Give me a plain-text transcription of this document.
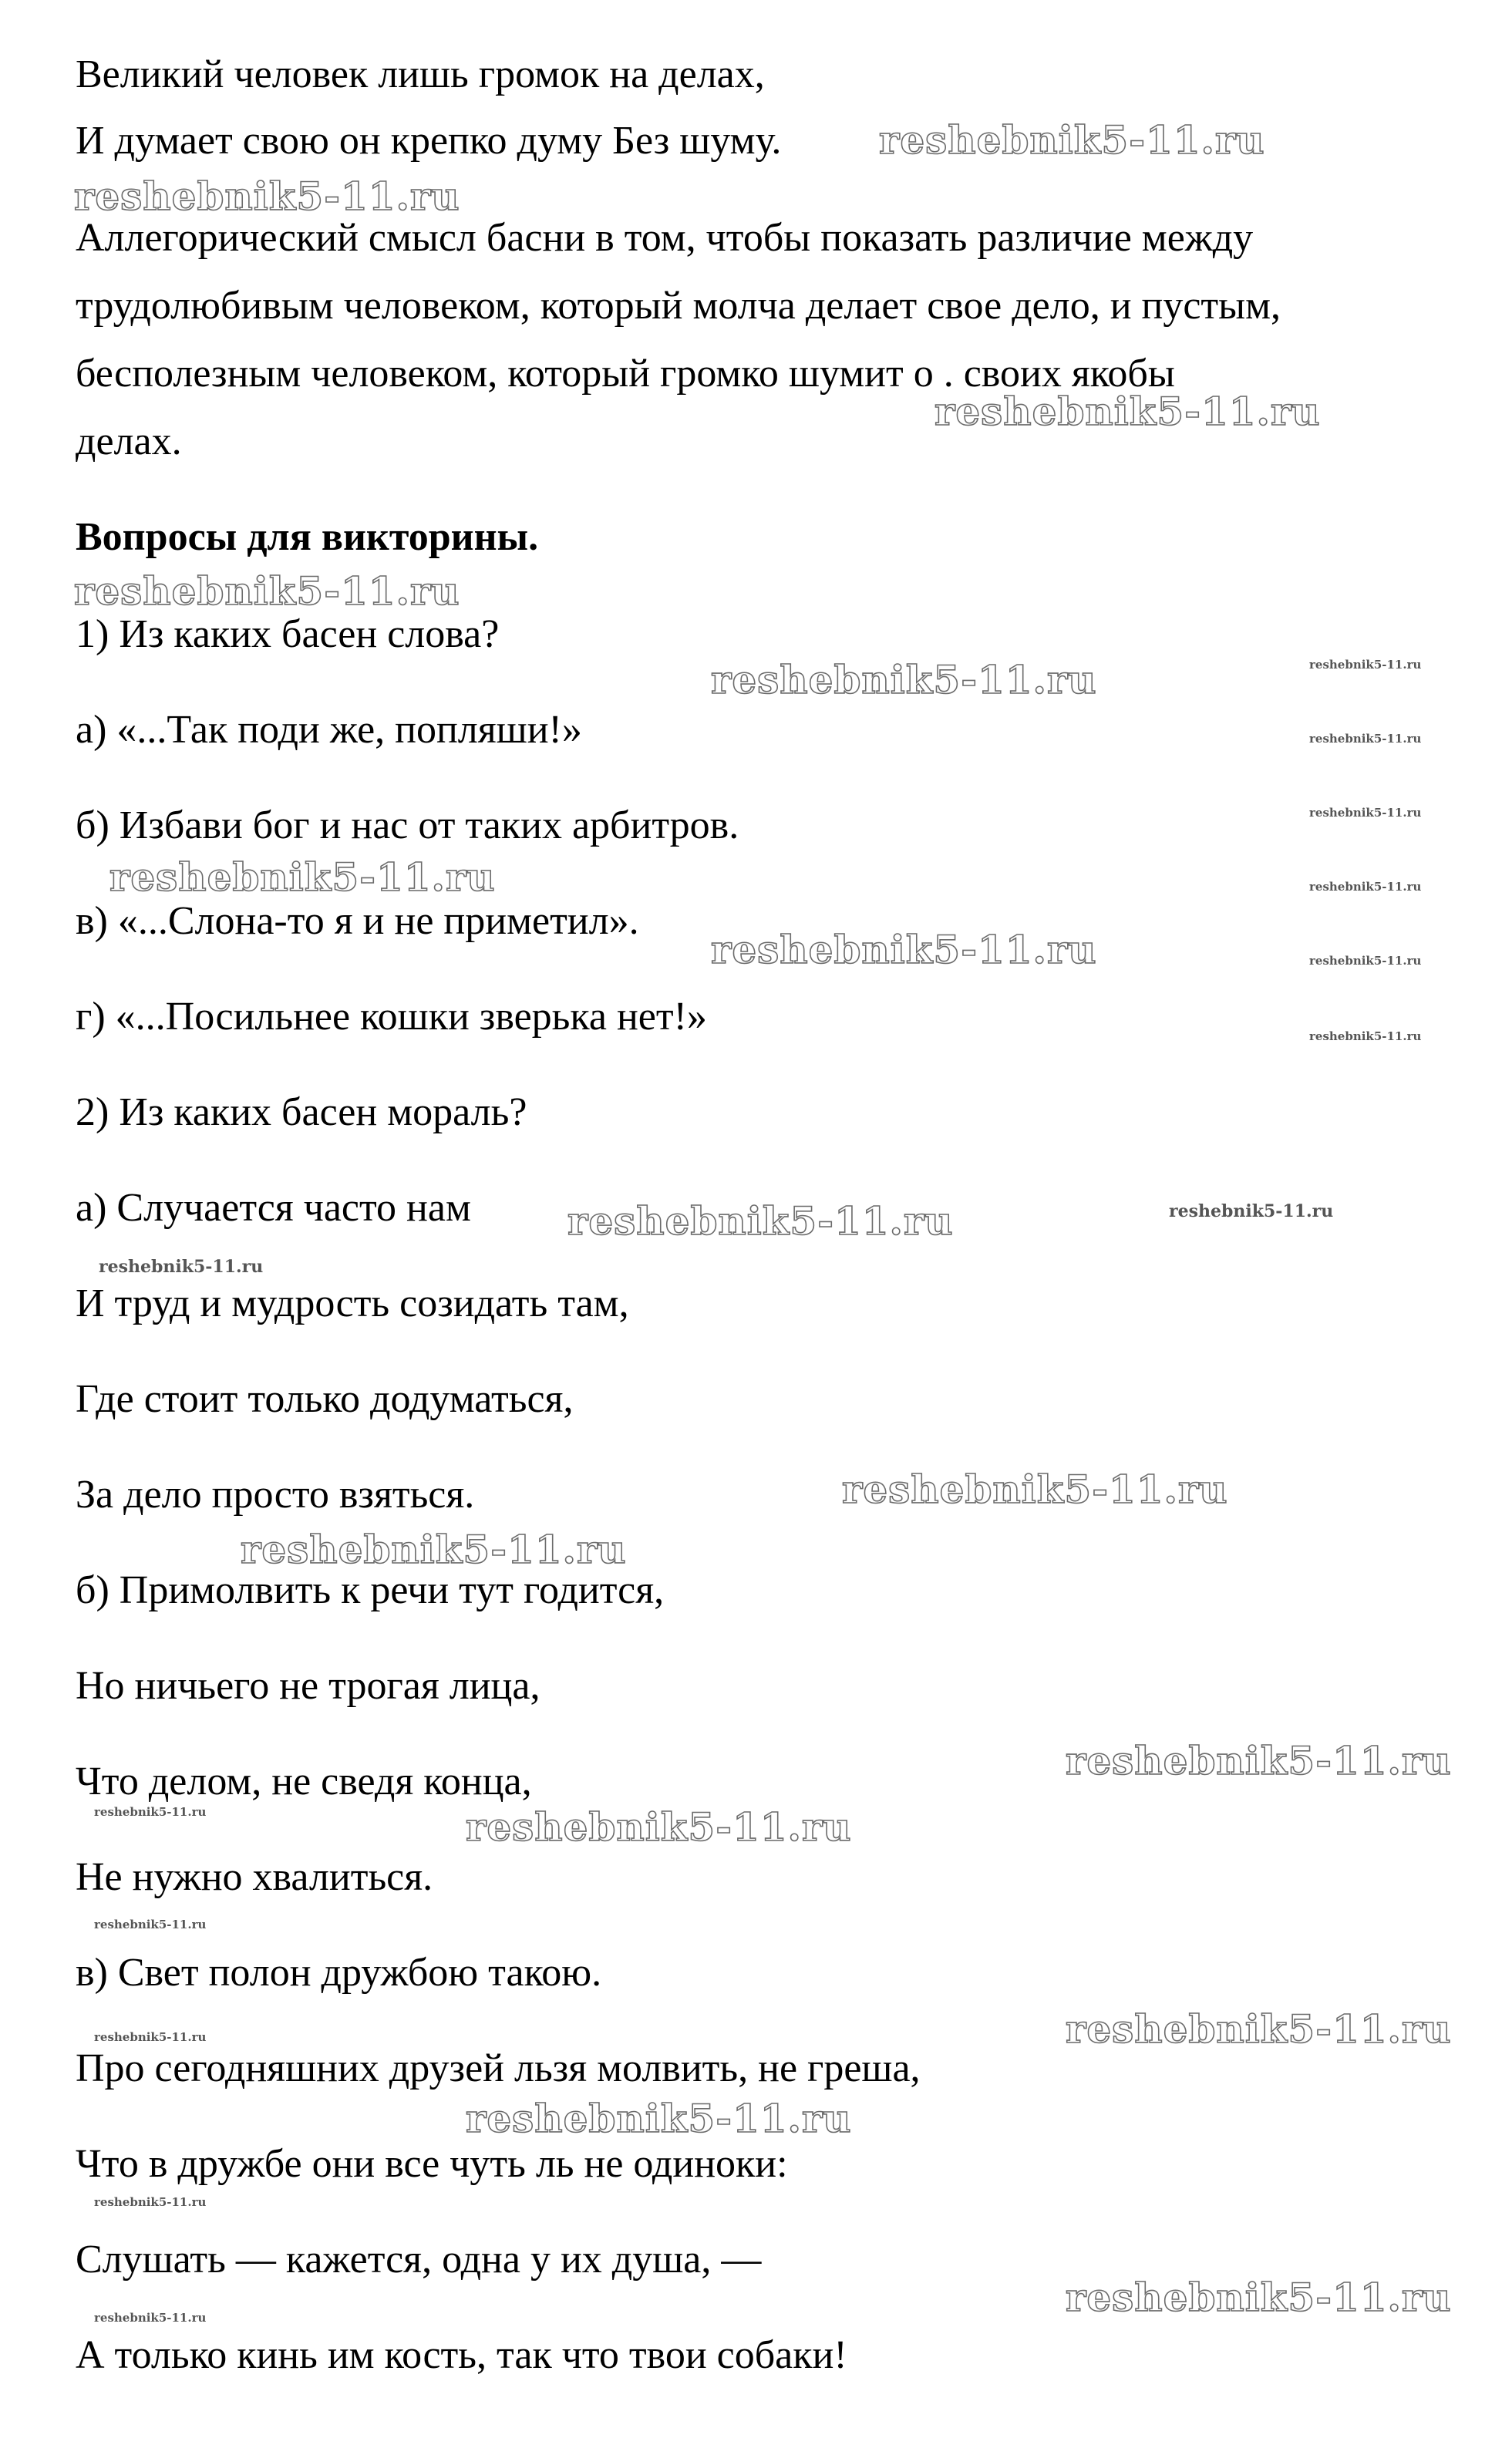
Великий человек лишь громок на делах,
И думает свою он крепко думу Без шуму.
Аллегорический смысл басни в том, чтобы показать различие между
трудолюбивым человеком, который молча делает свое дело, и пустым,
бесполезным человеком, который громко шумит о . своих якобы
делах.
Вопросы для викторины.
1) Из каких басен слова?
а) «...Так поди же, попляши!»
б) Избави бог и нас от таких арбитров.
в) «...Слона-то я и не приметил».
г) «...Посильнее кошки зверька нет!»
2) Из каких басен мораль?
а) Случается часто нам
И труд и мудрость созидать там,
Где стоит только додуматься,
За дело просто взяться.
б) Примолвить к речи тут годится,
Но ничьего не трогая лица,
Что делом, не сведя конца,
Не нужно хвалиться.
в) Свет полон дружбою такою.
Про сегодняшних друзей льзя молвить, не греша,
Что в дружбе они все чуть ль не одиноки:
Слушать — кажется, одна у их душа, —
А только кинь им кость, так что твои собаки!
reshebnik5-11.ru
reshebnik5-11.ru
reshebnik5-11.ru
reshebnik5-11.ru
reshebnik5-11.ru
reshebnik5-11.ru
reshebnik5-11.ru
reshebnik5-11.ru
reshebnik5-11.ru
reshebnik5-11.ru
reshebnik5-11.ru
reshebnik5-11.ru
reshebnik5-11.ru
reshebnik5-11.ru
reshebnik5-11.ru
reshebnik5-11.ru
reshebnik5-11.ru
reshebnik5-11.ru
reshebnik5-11.ru
reshebnik5-11.ru
reshebnik5-11.ru
reshebnik5-11.ru
reshebnik5-11.ru
reshebnik5-11.ru
reshebnik5-11.ru
reshebnik5-11.ru
reshebnik5-11.ru
reshebnik5-11.ru
